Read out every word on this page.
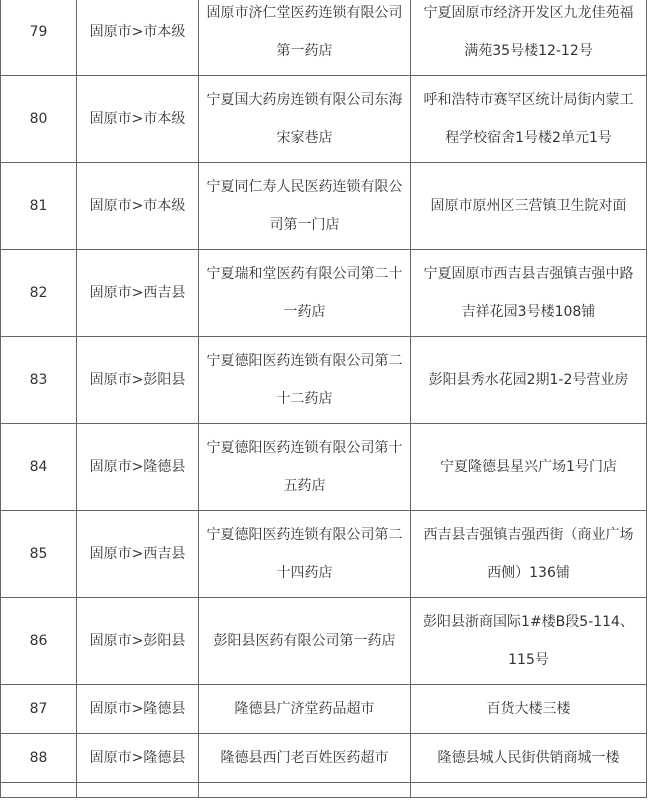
79	固原市>市本级	固原市济仁堂医药连锁有限公司第一药店	宁夏固原市经济开发区九龙佳苑福满苑35号楼12-12号
80	固原市>市本级	宁夏国大药房连锁有限公司东海宋家巷店	呼和浩特市赛罕区统计局街内蒙工程学校宿舍1号楼2单元1号
81	固原市>市本级	宁夏同仁寿人民医药连锁有限公司第一门店	固原市原州区三营镇卫生院对面
82	固原市>西吉县	宁夏瑞和堂医药有限公司第二十一药店	宁夏固原市西吉县吉强镇吉强中路吉祥花园3号楼108铺
83	固原市>彭阳县	宁夏德阳医药连锁有限公司第二十二药店	彭阳县秀水花园2期1-2号营业房
84	固原市>隆德县	宁夏德阳医药连锁有限公司第十五药店	宁夏隆德县星兴广场1号门店
85	固原市>西吉县	宁夏德阳医药连锁有限公司第二十四药店	西吉县吉强镇吉强西街（商业广场西侧）136铺
86	固原市>彭阳县	彭阳县医药有限公司第一药店	彭阳县浙商国际1#楼B段5-114、115号
87	固原市>隆德县	隆德县广济堂药品超市	百货大楼三楼
88	固原市>隆德县	隆德县西门老百姓医药超市	隆德县城人民街供销商城一楼
